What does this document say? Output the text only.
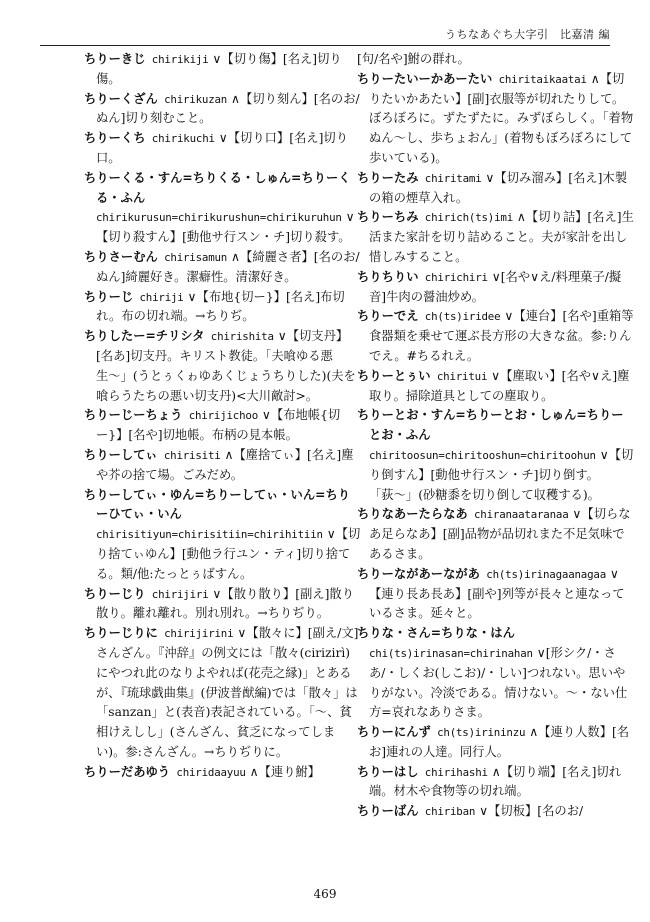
うちなあぐち大字引　比嘉清 編

ちりーきじ chirikiji ∨【切り傷】[名え]切り傷。

ちりーくざん chirikuzan ∧【切り刻ん】[名のお/ぬん]切り刻むこと。

ちりーくち chirikuchi ∨【切り口】[名え]切り口。

ちりーくる・すん=ちりくる・しゅん=ちりーくる・ふん chirikurusun=chirikurushun=chirikuruhun ∨【切り殺すん】[動他サ行スン・チ]切り殺す。

ちりさーむん chirisamun ∧【綺麗さ者】[名のお/ぬん]綺麗好き。潔癖性。清潔好き。

ちりーじ chiriji ∨【布地{切ー}】[名え]布切れ。布の切れ端。→ちりぢ。

ちりしたー=チリシタ chirishita ∨【切支丹】[名あ]切支丹。キリスト教徒。「夫喰ゆる悪生〜」(うとぅくゎゆあくじょうちりした)(夫を喰らうたちの悪い切支丹)<大川敵討>。

ちりーじーちょう chirijichoo ∨【布地帳{切ー}】[名や]切地帳。布柄の見本帳。

ちりーしてぃ chirisiti ∧【塵捨てぃ】[名え]塵や芥の捨て場。ごみだめ。

ちりーしてぃ・ゆん=ちりーしてぃ・いん=ちりーひてぃ・いん chirisitiyun=chirisitiin=chirihitiin ∨【切り捨てぃゆん】[動他ラ行ユン・ティ]切り捨てる。類/他:たっとぅばすん。

ちりーじり chirijiri ∨【散り散り】[副え]散り散り。離れ離れ。別れ別れ。→ちりぢり。

ちりーじりに chirijirini ∨【散々に】[副え/文]さんざん。『沖辞』の例文には「散々(cirizirì)にやつれ此のなりよやれば(花売之縁)」とあるが、『琉球戯曲集』(伊波普猷編)では「散々」は「sanzan」と(表音)表記されている。「〜、貧相けえしし」(さんざん、貧乏になってしまい)。参:さんざん。→ちりぢりに。

ちりーだあゆう chiridaayuu ∧【連り鮒】

[句/名や]鮒の群れ。

ちりーたいーかあーたい chiritaikaatai ∧【切りたいかあたい】[副]衣服等が切れたりして。ぼろぼろに。ずたずたに。みずぼらしく。「着物ぬん〜し、歩ちょおん」(着物もぼろぼろにして歩いている)。

ちりーたみ chiritami ∨【切み溜み】[名え]木製の箱の煙草入れ。

ちりーちみ chirich(ts)imi ∧【切り詰】[名え]生活また家計を切り詰めること。夫が家計を出し惜しみすること。

ちりちりい chirichiri ∨[名や∨え/料理菓子/擬音]牛肉の醤油炒め。

ちりーでえ ch(ts)iridee ∨【連台】[名や]重箱等食器類を乗せて運ぶ長方形の大きな盆。参:りんでえ。#ちるれえ。

ちりーとぅい chiritui ∨【塵取い】[名や∨え]塵取り。掃除道具としての塵取り。

ちりーとお・すん=ちりーとお・しゅん=ちりーとお・ふん chiritoosun=chiritooshun=chiritoohun ∨【切り倒すん】[動他サ行スン・チ]切り倒す。「荻〜」(砂糖黍を切り倒して収穫する)。

ちりなあーたらなあ chiranaataranaa ∨【切らなあ足らなあ】[副]品物が品切れまた不足気味であるさま。

ちりーながあーながあ ch(ts)irinagaanagaa ∨【連り長あ長あ】[副や]列等が長々と連なっているさま。延々と。

ちりな・さん=ちりな・はん chi(ts)irinasan=chirinahan ∨[形シク/・さあ/・しくお(しこお)/・しい]つれない。思いやりがない。冷淡である。情けない。〜・ない仕方=哀れなありさま。

ちりーにんず ch(ts)irininzu ∧【連り人数】[名お]連れの人達。同行人。

ちりーはし chirihashi ∧【切り端】[名え]切れ端。材木や食物等の切れ端。

ちりーばん chiriban ∨【切板】[名のお/

469
